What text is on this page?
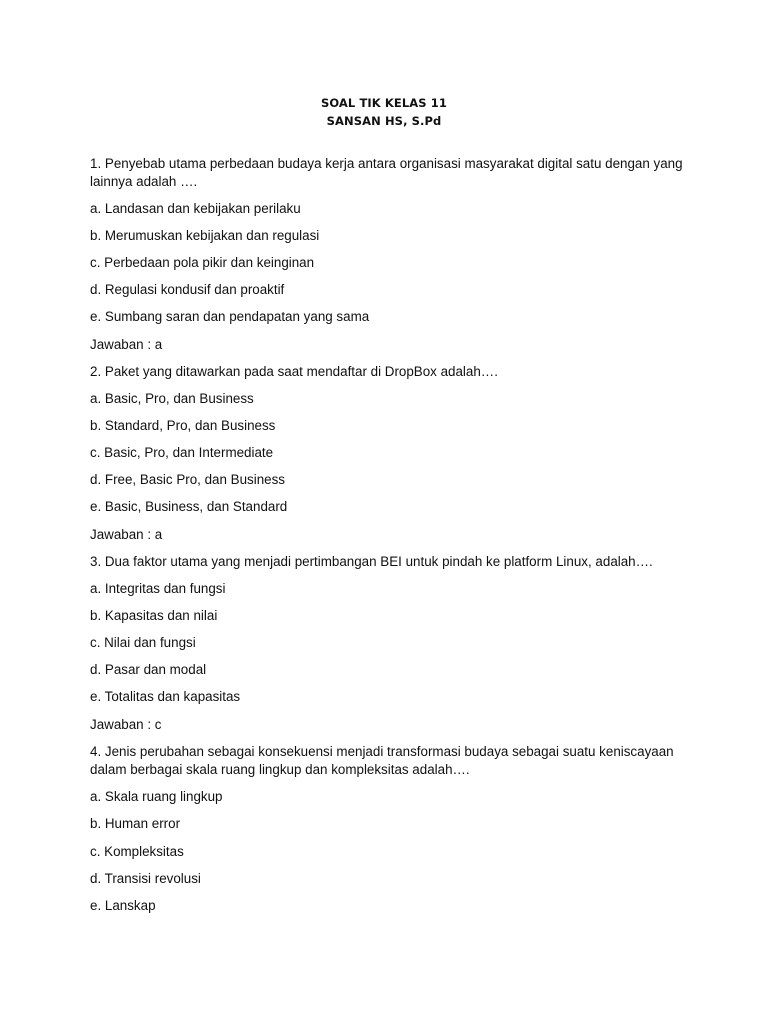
SOAL TIK KELAS 11
SANSAN HS, S.Pd
1. Penyebab utama perbedaan budaya kerja antara organisasi masyarakat digital satu dengan yang
lainnya adalah ….
a. Landasan dan kebijakan perilaku
b. Merumuskan kebijakan dan regulasi
c. Perbedaan pola pikir dan keinginan
d. Regulasi kondusif dan proaktif
e. Sumbang saran dan pendapatan yang sama
Jawaban : a
2. Paket yang ditawarkan pada saat mendaftar di DropBox adalah….
a. Basic, Pro, dan Business
b. Standard, Pro, dan Business
c. Basic, Pro, dan Intermediate
d. Free, Basic Pro, dan Business
e. Basic, Business, dan Standard
Jawaban : a
3. Dua faktor utama yang menjadi pertimbangan BEI untuk pindah ke platform Linux, adalah….
a. Integritas dan fungsi
b. Kapasitas dan nilai
c. Nilai dan fungsi
d. Pasar dan modal
e. Totalitas dan kapasitas
Jawaban : c
4. Jenis perubahan sebagai konsekuensi menjadi transformasi budaya sebagai suatu keniscayaan
dalam berbagai skala ruang lingkup dan kompleksitas adalah….
a. Skala ruang lingkup
b. Human error
c. Kompleksitas
d. Transisi revolusi
e. Lanskap
